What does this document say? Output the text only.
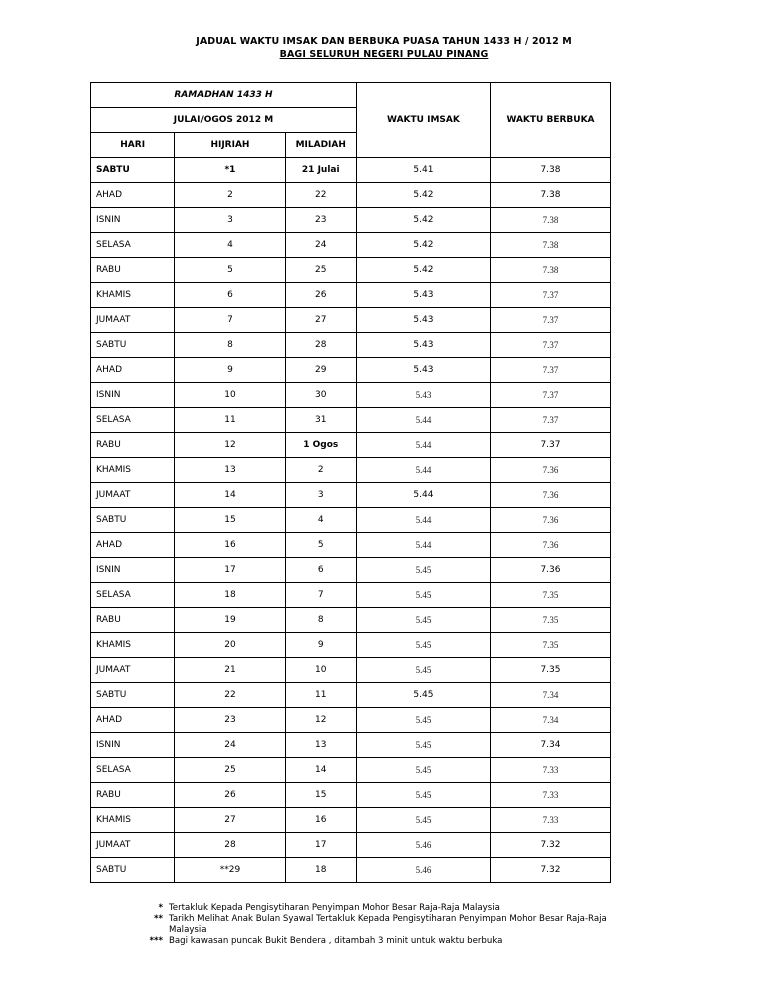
JADUAL WAKTU IMSAK DAN BERBUKA PUASA TAHUN 1433 H / 2012 M
BAGI SELURUH NEGERI PULAU PINANG
RAMADHAN 1433 H			WAKTU IMSAK	WAKTU BERBUKA
JULAI/OGOS 2012 M				
HARI	HIJRIAH	MILADIAH		
SABTU	*1	21 Julai	5.41	7.38
AHAD	2	22	5.42	7.38
ISNIN	3	23	5.42	7.38
SELASA	4	24	5.42	7.38
RABU	5	25	5.42	7.38
KHAMIS	6	26	5.43	7.37
JUMAAT	7	27	5.43	7.37
SABTU	8	28	5.43	7.37
AHAD	9	29	5.43	7.37
ISNIN	10	30	5.43	7.37
SELASA	11	31	5.44	7.37
RABU	12	1 Ogos	5.44	7.37
KHAMIS	13	2	5.44	7.36
JUMAAT	14	3	5.44	7.36
SABTU	15	4	5.44	7.36
AHAD	16	5	5.44	7.36
ISNIN	17	6	5.45	7.36
SELASA	18	7	5.45	7.35
RABU	19	8	5.45	7.35
KHAMIS	20	9	5.45	7.35
JUMAAT	21	10	5.45	7.35
SABTU	22	11	5.45	7.34
AHAD	23	12	5.45	7.34
ISNIN	24	13	5.45	7.34
SELASA	25	14	5.45	7.33
RABU	26	15	5.45	7.33
KHAMIS	27	16	5.45	7.33
JUMAAT	28	17	5.46	7.32
SABTU	**29	18	5.46	7.32
* Tertakluk Kepada Pengisytiharan Penyimpan Mohor Besar Raja-Raja Malaysia
** Tarikh Melihat Anak Bulan Syawal Tertakluk Kepada Pengisytiharan Penyimpan Mohor Besar Raja-Raja Malaysia
*** Bagi kawasan puncak Bukit Bendera , ditambah 3 minit untuk waktu berbuka
